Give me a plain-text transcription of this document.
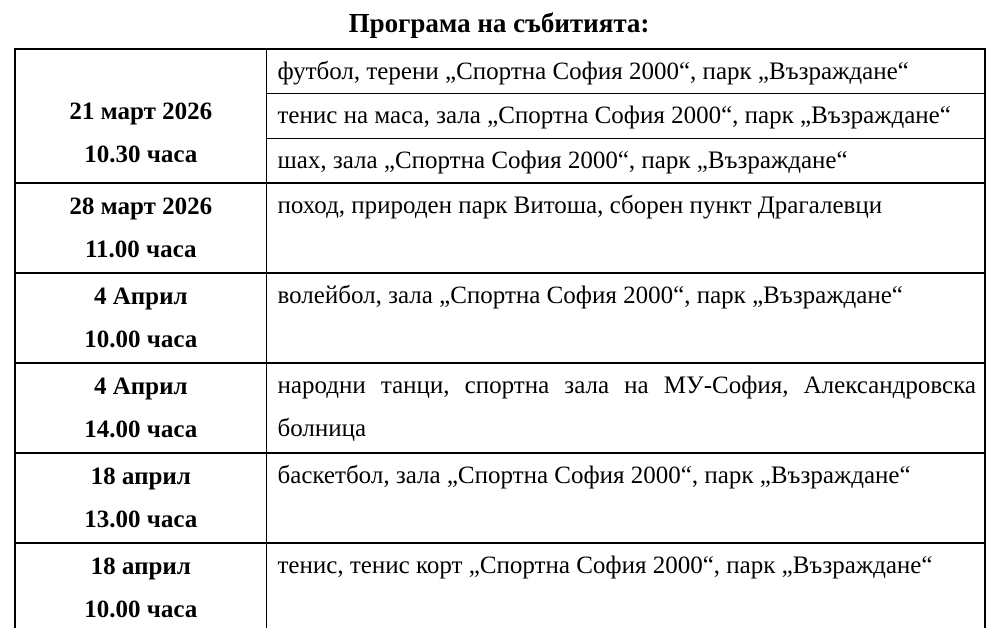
Програма на събитията:
21 март 2026
10.30 часа	футбол, терени „Спортна София 2000“, парк „Възраждане“
	тенис на маса, зала „Спортна София 2000“, парк „Възраждане“
	шах, зала „Спортна София 2000“, парк „Възраждане“

28 март 2026
11.00 часа	поход, природен парк Витоша, сборен пункт Драгалевци

4 Април
10.00 часа	волейбол, зала „Спортна София 2000“, парк „Възраждане“

4 Април
14.00 часа	народни танци, спортна зала на МУ-София, Александровска болница

18 април
13.00 часа	баскетбол, зала „Спортна София 2000“, парк „Възраждане“

18 април
10.00 часа	тенис, тенис корт „Спортна София 2000“, парк „Възраждане“
